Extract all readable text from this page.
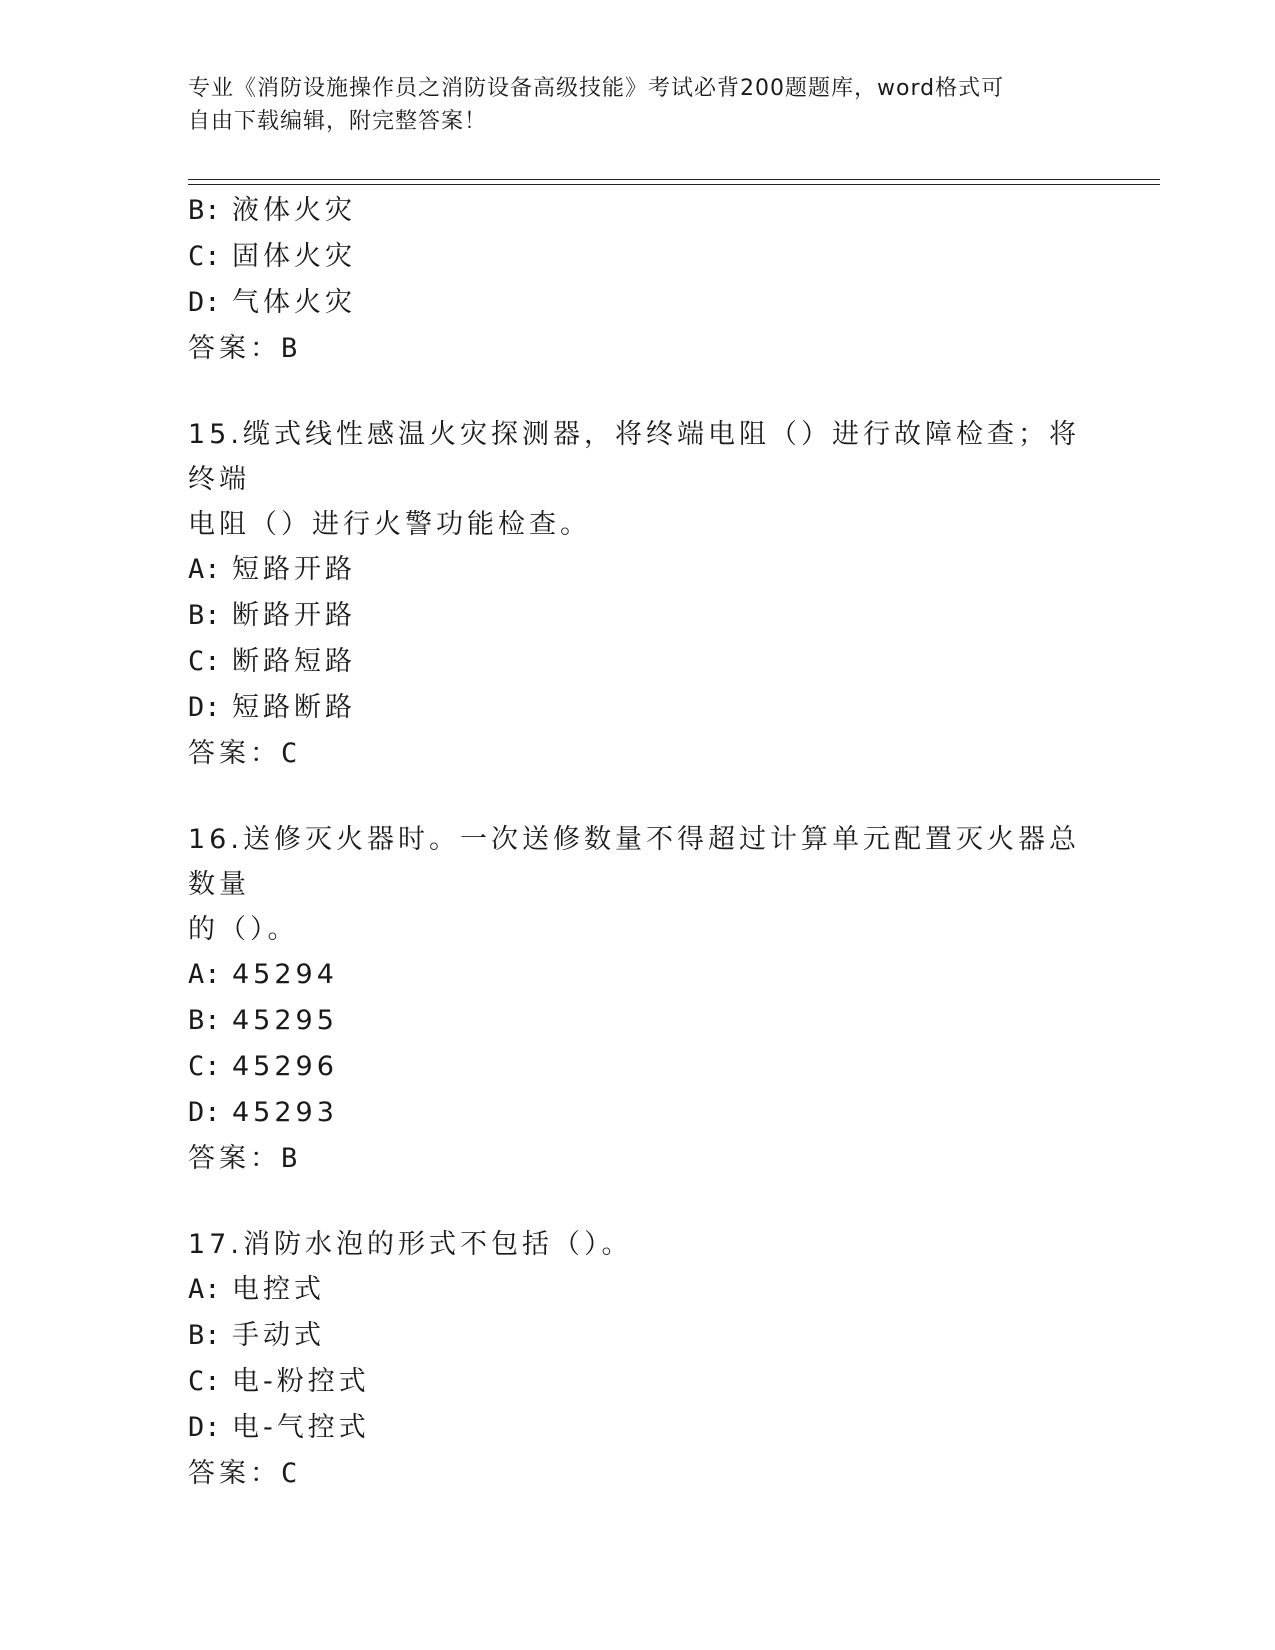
专业《消防设施操作员之消防设备高级技能》考试必背200题题库，word格式可
自由下载编辑，附完整答案！
B: 液体火灾
C: 固体火灾
D: 气体火灾
答案：B
15.缆式线性感温火灾探测器，将终端电阻（）进行故障检查；将终端
电阻（）进行火警功能检查。
A: 短路开路
B: 断路开路
C: 断路短路
D: 短路断路
答案：C
16.送修灭火器时。一次送修数量不得超过计算单元配置灭火器总数量
的（）。
A: 45294
B: 45295
C: 45296
D: 45293
答案：B
17.消防水泡的形式不包括（）。
A: 电控式
B: 手动式
C: 电-粉控式
D: 电-气控式
答案：C
